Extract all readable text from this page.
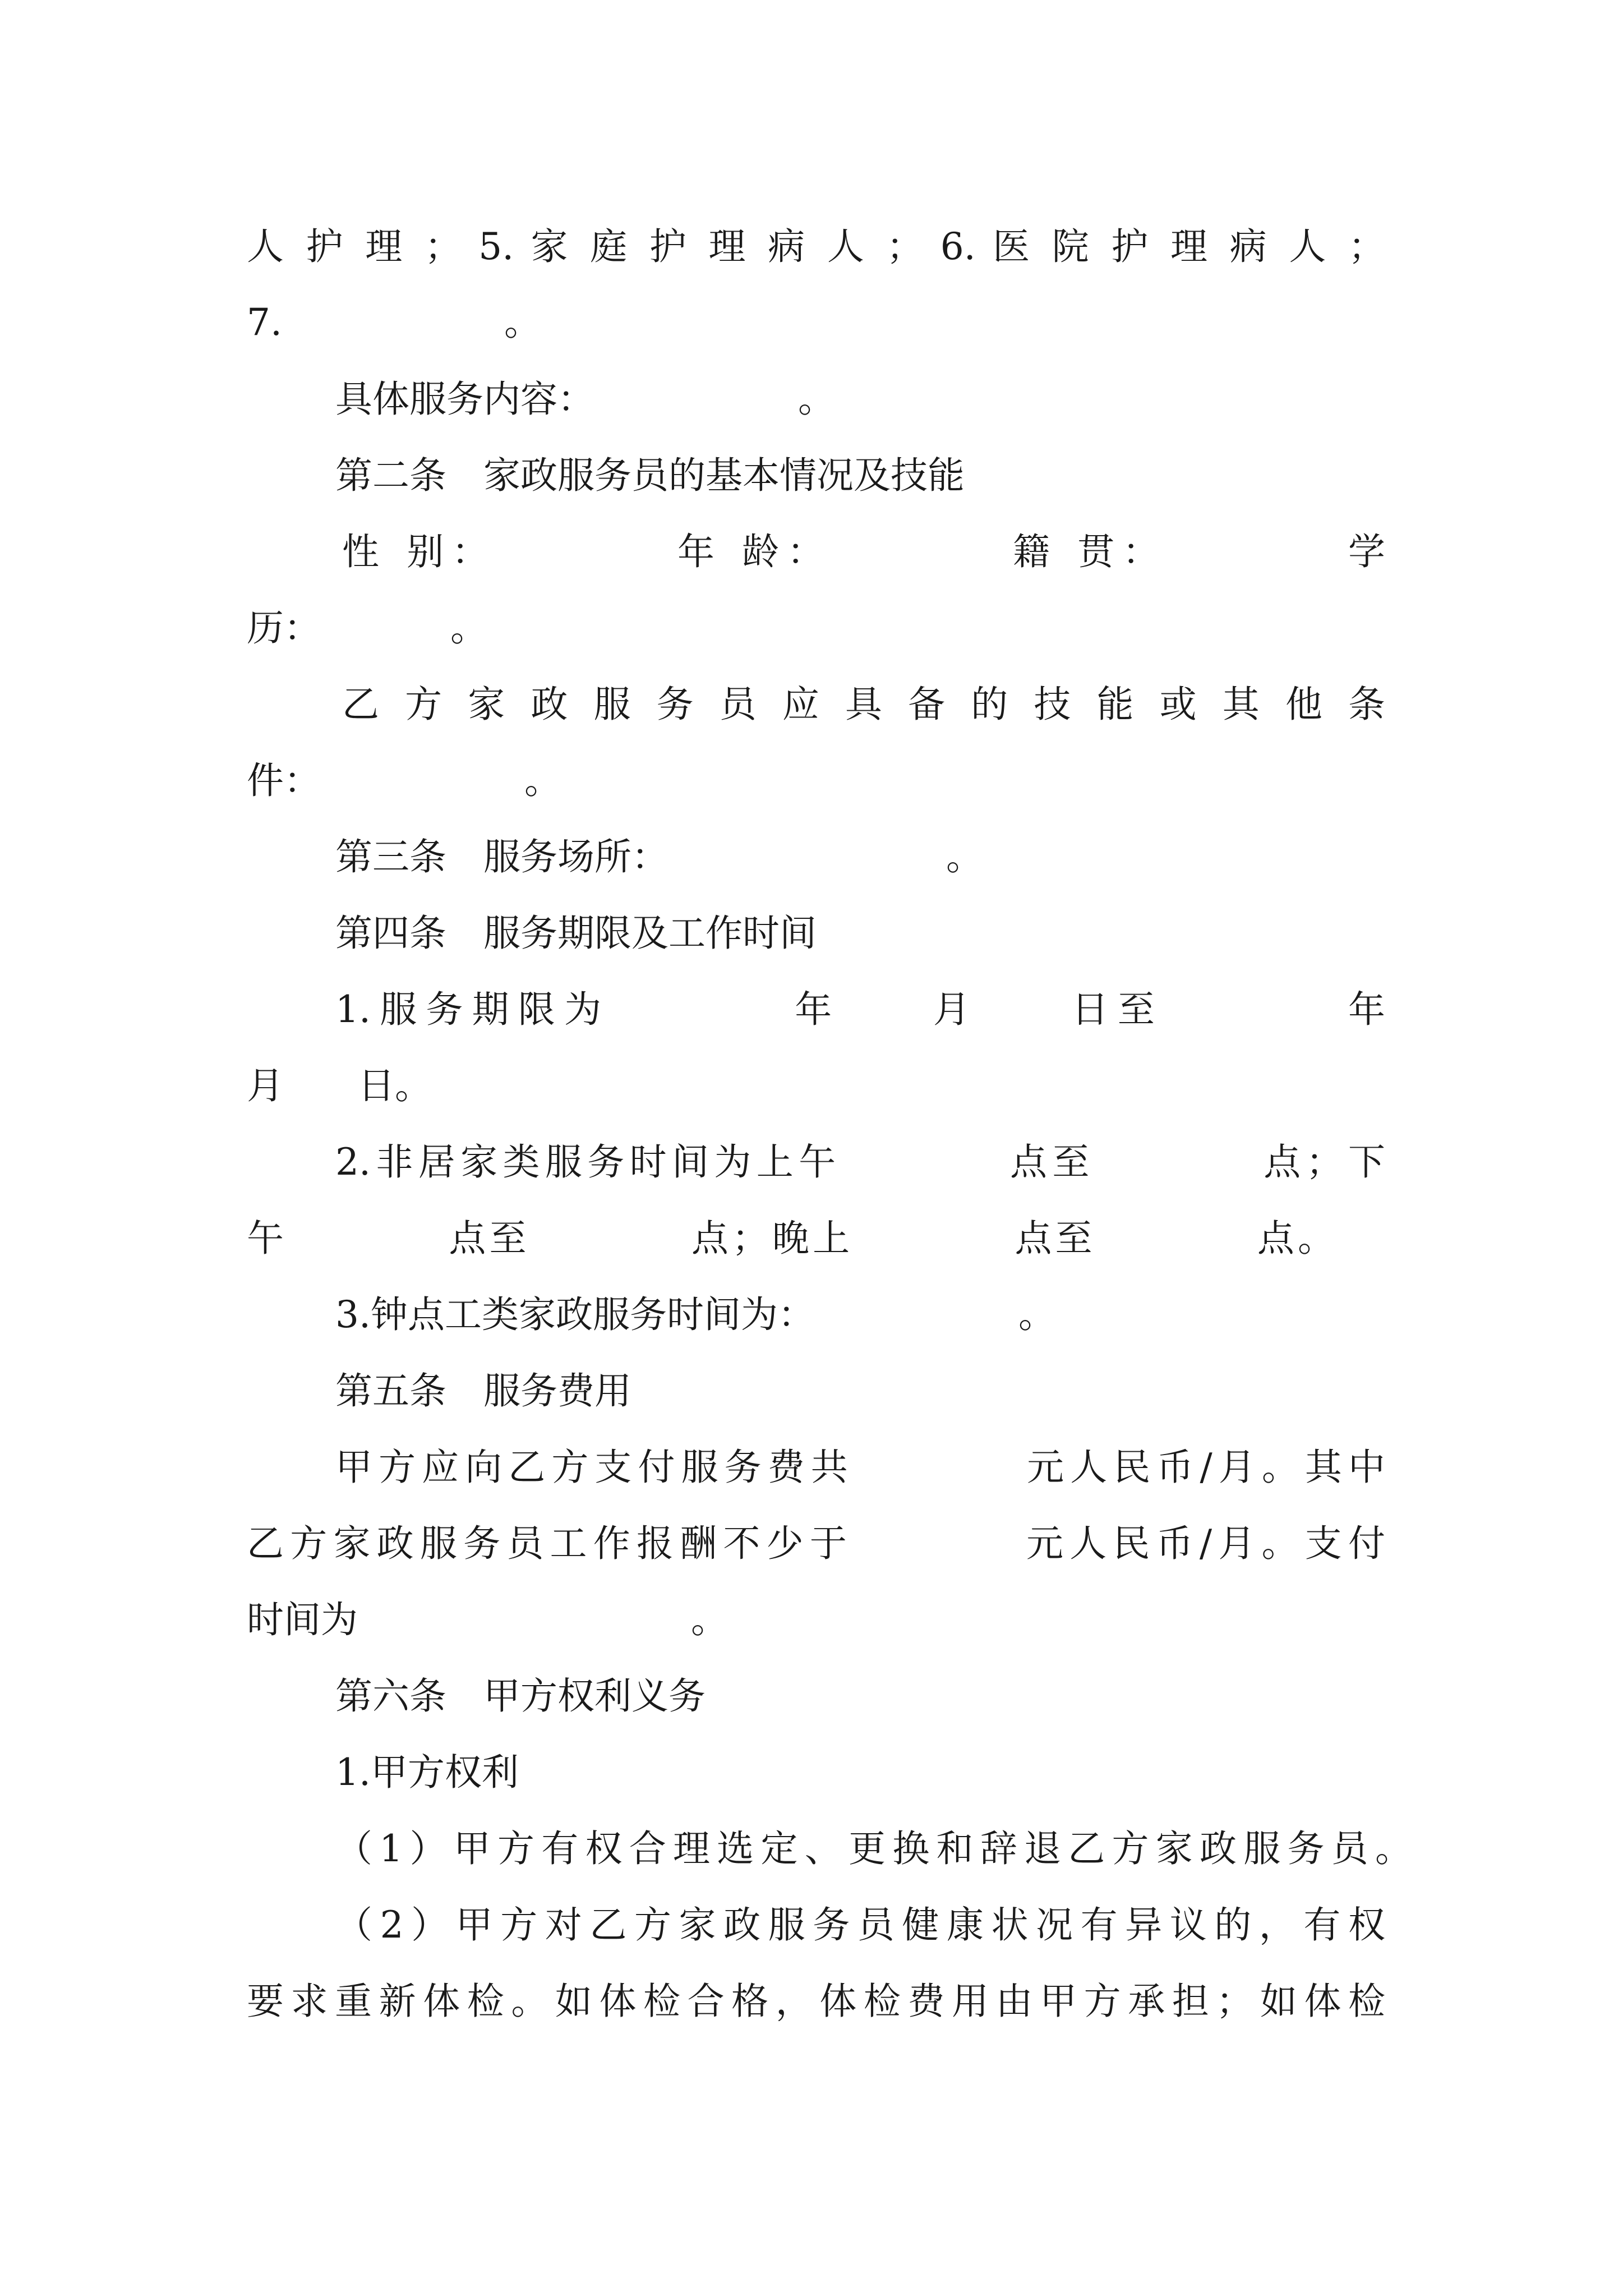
人 护 理 ； 5. 家 庭 护 理 病 人 ； 6. 医 院 护 理 病 人 ；
7.　　　　　　。
具体服务内容：　　　　　　。
第二条　家政服务员的基本情况及技能
性 别：　　　　 年 龄：　　　　 籍 贯：　　　　 学
历：　　　　。
乙 方 家 政 服 务 员 应 具 备 的 技 能 或 其 他 条
件：　　　　　　。
第三条　服务场所：　　　　　　　　。
第四条　服务期限及工作时间
1.服务期限为　　　　年　　月　　日至　　　　年
月　　日。
2.非居家类服务时间为上午　　　　点至　　　　点；下
午　　　　点至　　　　点；晚上　　　　点至　　　　点。
3.钟点工类家政服务时间为：　　　　　　。
第五条　服务费用
甲方应向乙方支付服务费共　　　　元人民币/月。其中
乙方家政服务员工作报酬不少于　　　　元人民币/月。支付
时间为　　　　　　　　　。
第六条　甲方权利义务
1.甲方权利
（1）甲方有权合理选定、更换和辞退乙方家政服务员。
（2）甲方对乙方家政服务员健康状况有异议的，有权
要求重新体检。如体检合格，体检费用由甲方承担；如体检
